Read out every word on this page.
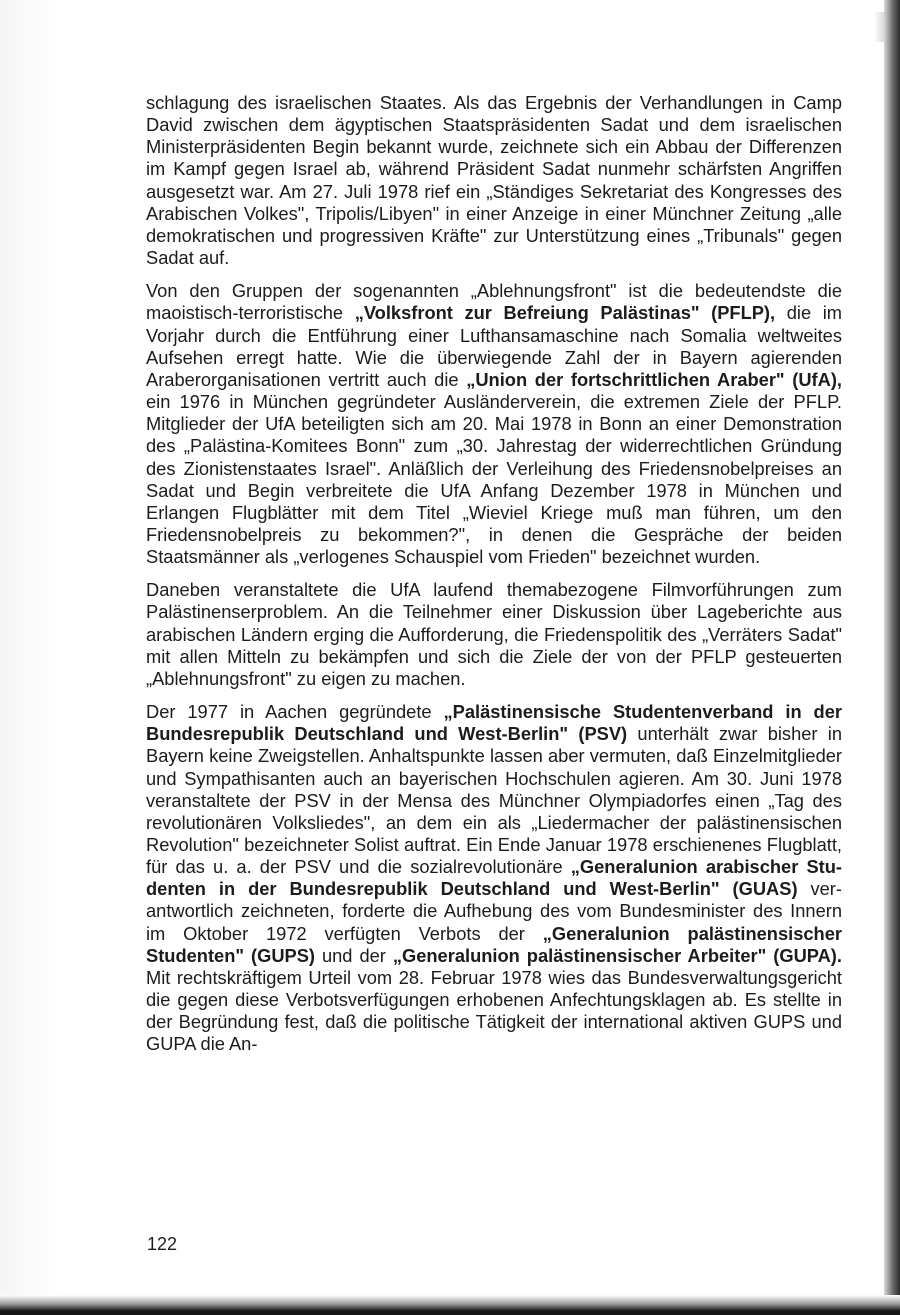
schlagung des israelischen Staates. Als das Ergebnis der Verhandlungen in Camp David zwischen dem ägyptischen Staatspräsidenten Sadat und dem israelischen Ministerpräsidenten Begin bekannt wurde, zeichnete sich ein Abbau der Differenzen im Kampf gegen Israel ab, während Präsident Sadat nunmehr schärfsten Angriffen ausgesetzt war. Am 27. Juli 1978 rief ein „Ständiges Sekretariat des Kongresses des Arabischen Volkes", Tripolis/Libyen" in einer Anzeige in einer Münchner Zeitung „alle demokratischen und progressiven Kräfte" zur Unterstützung eines „Tribunals" gegen Sadat auf.

Von den Gruppen der sogenannten „Ablehnungsfront" ist die bedeutendste die maoistisch-terroristische „Volksfront zur Befreiung Palästinas" (PFLP), die im Vorjahr durch die Entführung einer Lufthansamaschine nach Somalia weltweites Aufsehen erregt hatte. Wie die überwiegende Zahl der in Bayern agierenden Araberorganisationen vertritt auch die „Union der fortschrittlichen Araber" (UfA), ein 1976 in München gegründeter Ausländerverein, die extremen Ziele der PFLP. Mitglieder der UfA beteiligten sich am 20. Mai 1978 in Bonn an einer Demonstration des „Palästina-Komitees Bonn" zum „30. Jahrestag der widerrechtlichen Gründung des Zionistenstaates Israel". Anläßlich der Verleihung des Friedensnobelpreises an Sadat und Begin verbreitete die UfA Anfang Dezember 1978 in München und Erlangen Flugblätter mit dem Titel „Wieviel Kriege muß man führen, um den Friedensnobelpreis zu bekommen?", in denen die Gespräche der beiden Staatsmänner als „verlogenes Schauspiel vom Frieden" bezeichnet wurden.

Daneben veranstaltete die UfA laufend themabezogene Filmvorführungen zum Palästinenserproblem. An die Teilnehmer einer Diskussion über Lageberichte aus arabischen Ländern erging die Aufforderung, die Friedenspolitik des „Verräters Sadat" mit allen Mitteln zu bekämpfen und sich die Ziele der von der PFLP gesteuerten „Ablehnungsfront" zu eigen zu machen.

Der 1977 in Aachen gegründete „Palästinensische Studentenverband in der Bundesrepublik Deutschland und West-Berlin" (PSV) unterhält zwar bisher in Bayern keine Zweigstellen. Anhaltspunkte lassen aber vermuten, daß Einzelmitglieder und Sympathisanten auch an bayerischen Hochschulen agieren. Am 30. Juni 1978 veranstaltete der PSV in der Mensa des Münchner Olympiadorfes einen „Tag des revolutionären Volksliedes", an dem ein als „Liedermacher der palästinensischen Revolution" bezeichneter Solist auftrat. Ein Ende Januar 1978 erschienenes Flugblatt, für das u. a. der PSV und die sozialrevolutionäre „Generalunion arabischer Studenten in der Bundesrepublik Deutschland und West-Berlin" (GUAS) verantwortlich zeichneten, forderte die Aufhebung des vom Bundesminister des Innern im Oktober 1972 verfügten Verbots der „Generalunion palästinensischer Studenten" (GUPS) und der „Generalunion palästinensischer Arbeiter" (GUPA). Mit rechtskräftigem Urteil vom 28. Februar 1978 wies das Bundesverwaltungsgericht die gegen diese Verbotsverfügungen erhobenen Anfechtungsklagen ab. Es stellte in der Begründung fest, daß die politische Tätigkeit der international aktiven GUPS und GUPA die An-

122
